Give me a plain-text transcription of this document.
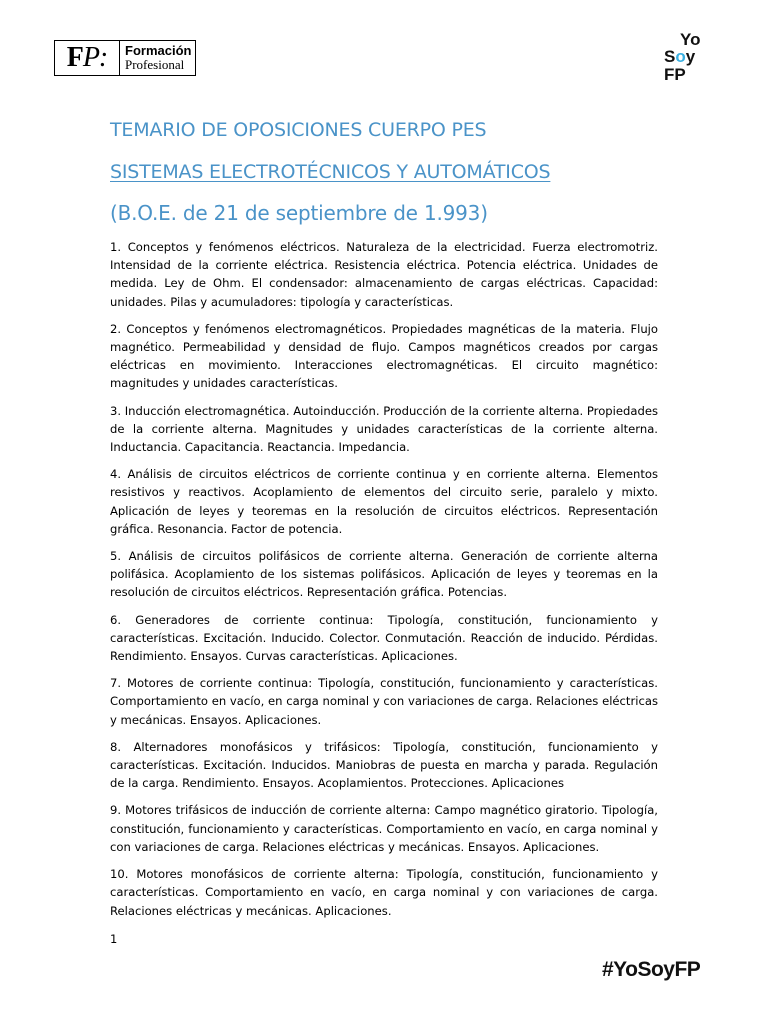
F P: Formación
Profesional
Yo
Soy
FP
TEMARIO DE OPOSICIONES CUERPO PES
SISTEMAS ELECTROTÉCNICOS Y AUTOMÁTICOS
(B.O.E. de 21 de septiembre de 1.993)

1. Conceptos y fenómenos eléctricos. Naturaleza de la electricidad. Fuerza electromotriz. Intensidad de la corriente eléctrica. Resistencia eléctrica. Potencia eléctrica. Unidades de medida. Ley de Ohm. El condensador: almacenamiento de cargas eléctricas. Capacidad: unidades. Pilas y acumuladores: tipología y características.

2. Conceptos y fenómenos electromagnéticos. Propiedades magnéticas de la materia. Flujo magnético. Permeabilidad y densidad de flujo. Campos magnéticos creados por cargas eléctricas en movimiento. Interacciones electromagnéticas. El circuito magnético: magnitudes y unidades características.

3. Inducción electromagnética. Autoinducción. Producción de la corriente alterna. Propiedades de la corriente alterna. Magnitudes y unidades características de la corriente alterna. Inductancia. Capacitancia. Reactancia. Impedancia.

4. Análisis de circuitos eléctricos de corriente continua y en corriente alterna. Elementos resistivos y reactivos. Acoplamiento de elementos del circuito serie, paralelo y mixto. Aplicación de leyes y teoremas en la resolución de circuitos eléctricos. Representación gráfica. Resonancia. Factor de potencia.

5. Análisis de circuitos polifásicos de corriente alterna. Generación de corriente alterna polifásica. Acoplamiento de los sistemas polifásicos. Aplicación de leyes y teoremas en la resolución de circuitos eléctricos. Representación gráfica. Potencias.

6. Generadores de corriente continua: Tipología, constitución, funcionamiento y características. Excitación. Inducido. Colector. Conmutación. Reacción de inducido. Pérdidas. Rendimiento. Ensayos. Curvas características. Aplicaciones.

7. Motores de corriente continua: Tipología, constitución, funcionamiento y características. Comportamiento en vacío, en carga nominal y con variaciones de carga. Relaciones eléctricas y mecánicas. Ensayos. Aplicaciones.

8. Alternadores monofásicos y trifásicos: Tipología, constitución, funcionamiento y características. Excitación. Inducidos. Maniobras de puesta en marcha y parada. Regulación de la carga. Rendimiento. Ensayos. Acoplamientos. Protecciones. Aplicaciones

9. Motores trifásicos de inducción de corriente alterna: Campo magnético giratorio. Tipología, constitución, funcionamiento y características. Comportamiento en vacío, en carga nominal y con variaciones de carga. Relaciones eléctricas y mecánicas. Ensayos. Aplicaciones.

10. Motores monofásicos de corriente alterna: Tipología, constitución, funcionamiento y características. Comportamiento en vacío, en carga nominal y con variaciones de carga. Relaciones eléctricas y mecánicas. Aplicaciones.

1
#YoSoyFP
